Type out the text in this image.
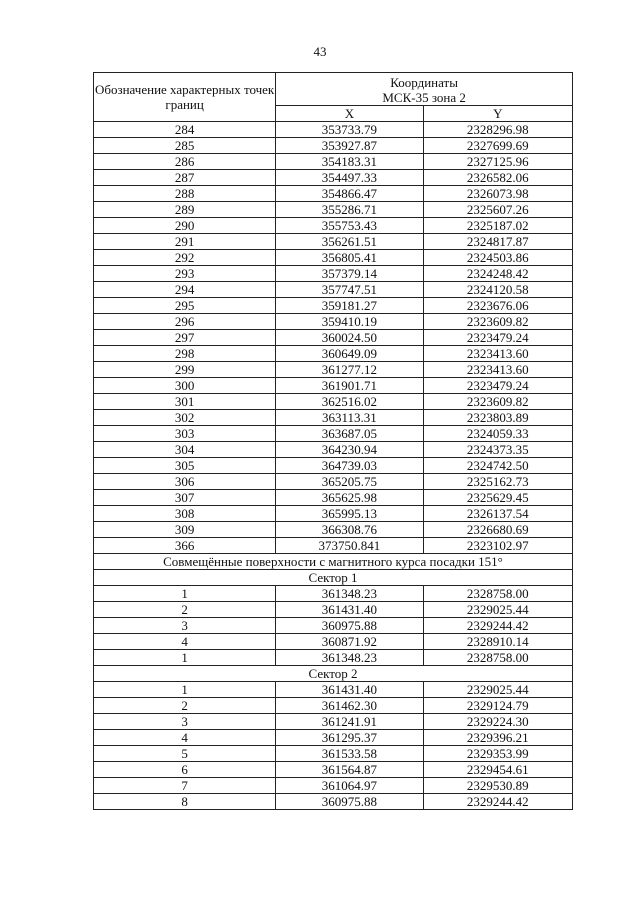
43
Обозначение характерных точек границ	Координаты
МСК-35 зона 2	

	X	Y
284	353733.79	2328296.98
285	353927.87	2327699.69
286	354183.31	2327125.96
287	354497.33	2326582.06
288	354866.47	2326073.98
289	355286.71	2325607.26
290	355753.43	2325187.02
291	356261.51	2324817.87
292	356805.41	2324503.86
293	357379.14	2324248.42
294	357747.51	2324120.58
295	359181.27	2323676.06
296	359410.19	2323609.82
297	360024.50	2323479.24
298	360649.09	2323413.60
299	361277.12	2323413.60
300	361901.71	2323479.24
301	362516.02	2323609.82
302	363113.31	2323803.89
303	363687.05	2324059.33
304	364230.94	2324373.35
305	364739.03	2324742.50
306	365205.75	2325162.73
307	365625.98	2325629.45
308	365995.13	2326137.54
309	366308.76	2326680.69
366	373750.841	2323102.97
Совмещённые поверхности с магнитного курса посадки 151°		
Сектор 1		
1	361348.23	2328758.00
2	361431.40	2329025.44
3	360975.88	2329244.42
4	360871.92	2328910.14
1	361348.23	2328758.00
Сектор 2		
1	361431.40	2329025.44
2	361462.30	2329124.79
3	361241.91	2329224.30
4	361295.37	2329396.21
5	361533.58	2329353.99
6	361564.87	2329454.61
7	361064.97	2329530.89
8	360975.88	2329244.42
